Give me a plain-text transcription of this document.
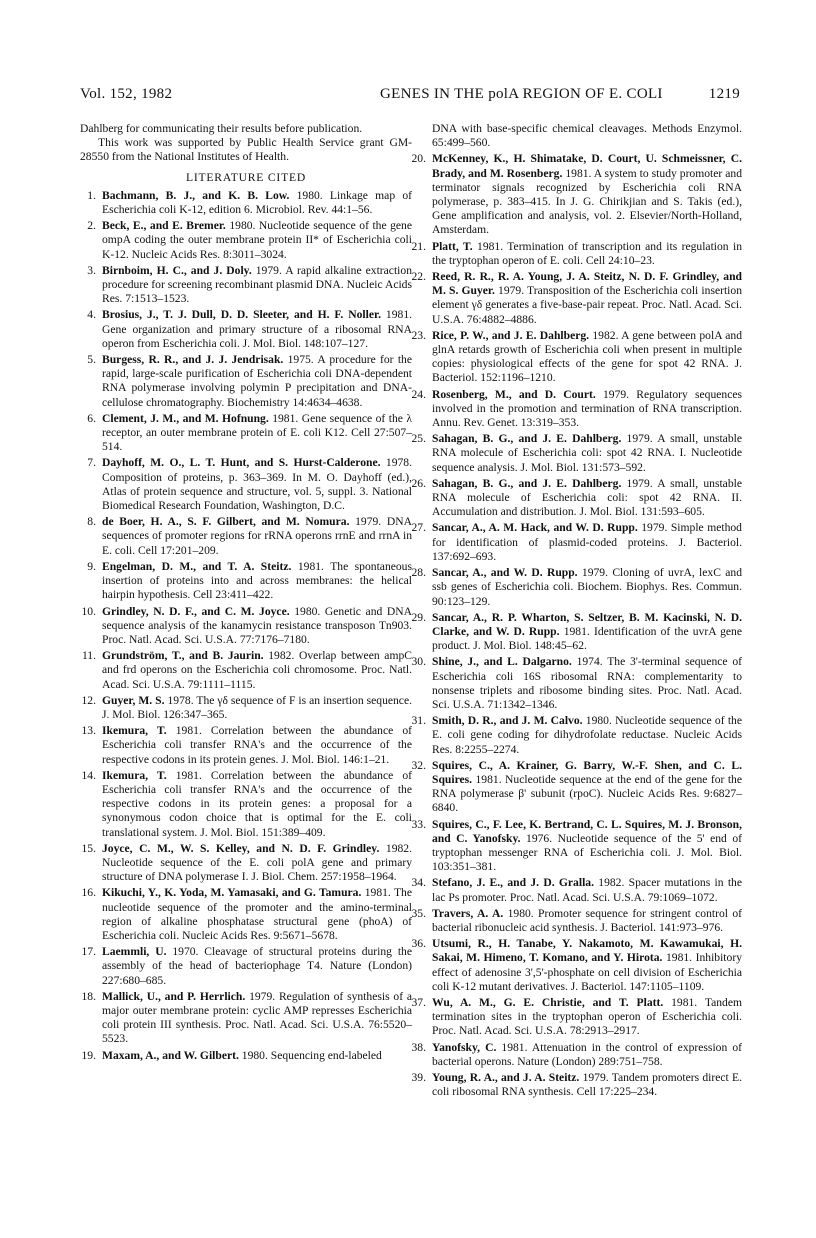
Vol. 152, 1982	GENES IN THE polA REGION OF E. COLI	1219

Dahlberg for communicating their results before publication.

This work was supported by Public Health Service grant GM-28550 from the National Institutes of Health.

LITERATURE CITED
1. Bachmann, B. J., and K. B. Low. 1980. Linkage map of Escherichia coli K-12, edition 6. Microbiol. Rev. 44:1–56.
2. Beck, E., and E. Bremer. 1980. Nucleotide sequence of the gene ompA coding the outer membrane protein II* of Escherichia coli K-12. Nucleic Acids Res. 8:3011–3024.
3. Birnboim, H. C., and J. Doly. 1979. A rapid alkaline extraction procedure for screening recombinant plasmid DNA. Nucleic Acids Res. 7:1513–1523.
4. Brosius, J., T. J. Dull, D. D. Sleeter, and H. F. Noller. 1981. Gene organization and primary structure of a ribosomal RNA operon from Escherichia coli. J. Mol. Biol. 148:107–127.
5. Burgess, R. R., and J. J. Jendrisak. 1975. A procedure for the rapid, large-scale purification of Escherichia coli DNA-dependent RNA polymerase involving polymin P precipitation and DNA-cellulose chromatography. Biochemistry 14:4634–4638.
6. Clement, J. M., and M. Hofnung. 1981. Gene sequence of the λ receptor, an outer membrane protein of E. coli K12. Cell 27:507–514.
7. Dayhoff, M. O., L. T. Hunt, and S. Hurst-Calderone. 1978. Composition of proteins, p. 363–369. In M. O. Dayhoff (ed.), Atlas of protein sequence and structure, vol. 5, suppl. 3. National Biomedical Research Foundation, Washington, D.C.
8. de Boer, H. A., S. F. Gilbert, and M. Nomura. 1979. DNA sequences of promoter regions for rRNA operons rrnE and rrnA in E. coli. Cell 17:201–209.
9. Engelman, D. M., and T. A. Steitz. 1981. The spontaneous insertion of proteins into and across membranes: the helical hairpin hypothesis. Cell 23:411–422.
10. Grindley, N. D. F., and C. M. Joyce. 1980. Genetic and DNA sequence analysis of the kanamycin resistance transposon Tn903. Proc. Natl. Acad. Sci. U.S.A. 77:7176–7180.
11. Grundström, T., and B. Jaurin. 1982. Overlap between ampC and frd operons on the Escherichia coli chromosome. Proc. Natl. Acad. Sci. U.S.A. 79:1111–1115.
12. Guyer, M. S. 1978. The γδ sequence of F is an insertion sequence. J. Mol. Biol. 126:347–365.
13. Ikemura, T. 1981. Correlation between the abundance of Escherichia coli transfer RNA's and the occurrence of the respective codons in its protein genes. J. Mol. Biol. 146:1–21.
14. Ikemura, T. 1981. Correlation between the abundance of Escherichia coli transfer RNA's and the occurrence of the respective codons in its protein genes: a proposal for a synonymous codon choice that is optimal for the E. coli translational system. J. Mol. Biol. 151:389–409.
15. Joyce, C. M., W. S. Kelley, and N. D. F. Grindley. 1982. Nucleotide sequence of the E. coli polA gene and primary structure of DNA polymerase I. J. Biol. Chem. 257:1958–1964.
16. Kikuchi, Y., K. Yoda, M. Yamasaki, and G. Tamura. 1981. The nucleotide sequence of the promoter and the amino-terminal region of alkaline phosphatase structural gene (phoA) of Escherichia coli. Nucleic Acids Res. 9:5671–5678.
17. Laemmli, U. 1970. Cleavage of structural proteins during the assembly of the head of bacteriophage T4. Nature (London) 227:680–685.
18. Mallick, U., and P. Herrlich. 1979. Regulation of synthesis of a major outer membrane protein: cyclic AMP represses Escherichia coli protein III synthesis. Proc. Natl. Acad. Sci. U.S.A. 76:5520–5523.
19. Maxam, A., and W. Gilbert. 1980. Sequencing end-labeled

DNA with base-specific chemical cleavages. Methods Enzymol. 65:499–560.

20. McKenney, K., H. Shimatake, D. Court, U. Schmeissner, C. Brady, and M. Rosenberg. 1981. A system to study promoter and terminator signals recognized by Escherichia coli RNA polymerase, p. 383–415. In J. G. Chirikjian and S. Takis (ed.), Gene amplification and analysis, vol. 2. Elsevier/North-Holland, Amsterdam.
21. Platt, T. 1981. Termination of transcription and its regulation in the tryptophan operon of E. coli. Cell 24:10–23.
22. Reed, R. R., R. A. Young, J. A. Steitz, N. D. F. Grindley, and M. S. Guyer. 1979. Transposition of the Escherichia coli insertion element γδ generates a five-base-pair repeat. Proc. Natl. Acad. Sci. U.S.A. 76:4882–4886.
23. Rice, P. W., and J. E. Dahlberg. 1982. A gene between polA and glnA retards growth of Escherichia coli when present in multiple copies: physiological effects of the gene for spot 42 RNA. J. Bacteriol. 152:1196–1210.
24. Rosenberg, M., and D. Court. 1979. Regulatory sequences involved in the promotion and termination of RNA transcription. Annu. Rev. Genet. 13:319–353.
25. Sahagan, B. G., and J. E. Dahlberg. 1979. A small, unstable RNA molecule of Escherichia coli: spot 42 RNA. I. Nucleotide sequence analysis. J. Mol. Biol. 131:573–592.
26. Sahagan, B. G., and J. E. Dahlberg. 1979. A small, unstable RNA molecule of Escherichia coli: spot 42 RNA. II. Accumulation and distribution. J. Mol. Biol. 131:593–605.
27. Sancar, A., A. M. Hack, and W. D. Rupp. 1979. Simple method for identification of plasmid-coded proteins. J. Bacteriol. 137:692–693.
28. Sancar, A., and W. D. Rupp. 1979. Cloning of uvrA, lexC and ssb genes of Escherichia coli. Biochem. Biophys. Res. Commun. 90:123–129.
29. Sancar, A., R. P. Wharton, S. Seltzer, B. M. Kacinski, N. D. Clarke, and W. D. Rupp. 1981. Identification of the uvrA gene product. J. Mol. Biol. 148:45–62.
30. Shine, J., and L. Dalgarno. 1974. The 3'-terminal sequence of Escherichia coli 16S ribosomal RNA: complementarity to nonsense triplets and ribosome binding sites. Proc. Natl. Acad. Sci. U.S.A. 71:1342–1346.
31. Smith, D. R., and J. M. Calvo. 1980. Nucleotide sequence of the E. coli gene coding for dihydrofolate reductase. Nucleic Acids Res. 8:2255–2274.
32. Squires, C., A. Krainer, G. Barry, W.-F. Shen, and C. L. Squires. 1981. Nucleotide sequence at the end of the gene for the RNA polymerase β' subunit (rpoC). Nucleic Acids Res. 9:6827–6840.
33. Squires, C., F. Lee, K. Bertrand, C. L. Squires, M. J. Bronson, and C. Yanofsky. 1976. Nucleotide sequence of the 5' end of tryptophan messenger RNA of Escherichia coli. J. Mol. Biol. 103:351–381.
34. Stefano, J. E., and J. D. Gralla. 1982. Spacer mutations in the lac Ps promoter. Proc. Natl. Acad. Sci. U.S.A. 79:1069–1072.
35. Travers, A. A. 1980. Promoter sequence for stringent control of bacterial ribonucleic acid synthesis. J. Bacteriol. 141:973–976.
36. Utsumi, R., H. Tanabe, Y. Nakamoto, M. Kawamukai, H. Sakai, M. Himeno, T. Komano, and Y. Hirota. 1981. Inhibitory effect of adenosine 3',5'-phosphate on cell division of Escherichia coli K-12 mutant derivatives. J. Bacteriol. 147:1105–1109.
37. Wu, A. M., G. E. Christie, and T. Platt. 1981. Tandem termination sites in the tryptophan operon of Escherichia coli. Proc. Natl. Acad. Sci. U.S.A. 78:2913–2917.
38. Yanofsky, C. 1981. Attenuation in the control of expression of bacterial operons. Nature (London) 289:751–758.
39. Young, R. A., and J. A. Steitz. 1979. Tandem promoters direct E. coli ribosomal RNA synthesis. Cell 17:225–234.
